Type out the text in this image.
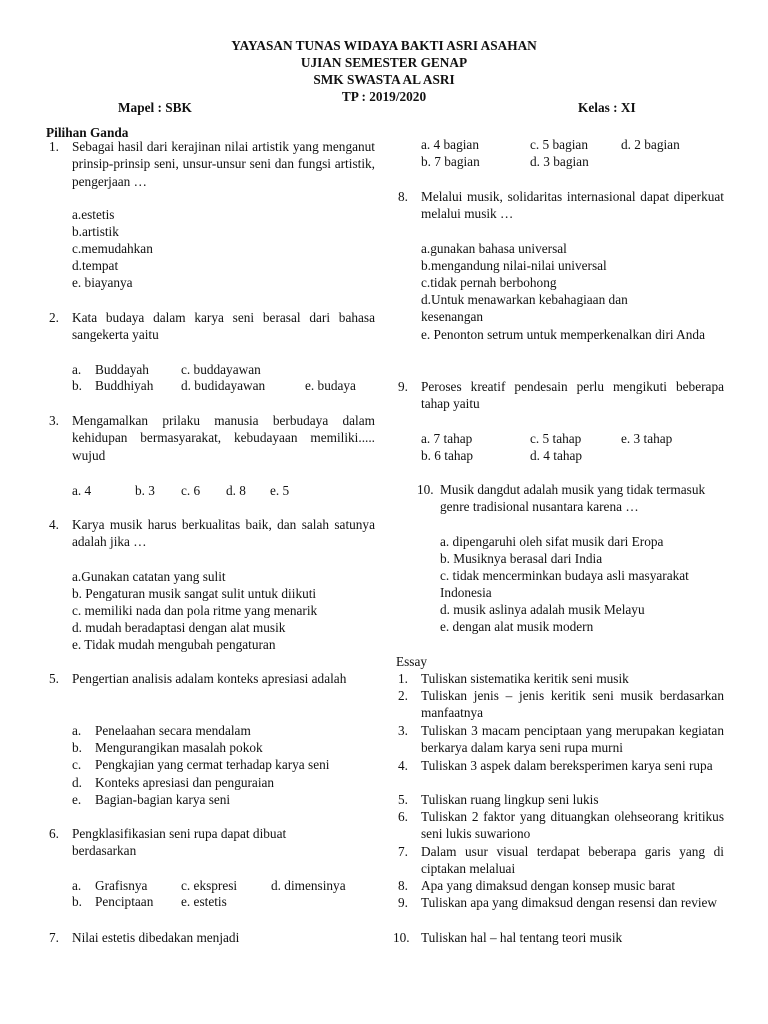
YAYASAN TUNAS WIDAYA BAKTI ASRI ASAHAN
UJIAN SEMESTER GENAP
SMK SWASTA AL ASRI
TP : 2019/2020
Mapel : SBK	Kelas : XI
Pilihan Ganda
1. Sebagai hasil dari kerajinan nilai artistik yang menganut prinsip-prinsip seni, unsur-unsur seni dan fungsi artistik, pengerjaan …
a.estetis
b.artistik
c.memudahkan
d.tempat
e. biayanya
2. Kata budaya dalam karya seni berasal dari bahasa sangekerta yaitu
a. Buddayah c. buddayawan
b. Buddhiyah d. budidayawan	e. budaya
3. Mengamalkan prilaku manusia berbudaya dalam kehidupan bermasyarakat, kebudayaan memiliki..... wujud
a. 4	b. 3 c. 6 d. 8 e. 5
4. Karya musik harus berkualitas baik, dan salah satunya adalah jika …
a.Gunakan catatan yang sulit
b. Pengaturan musik sangat sulit untuk diikuti
c. memiliki nada dan pola ritme yang menarik
d. mudah beradaptasi dengan alat musik
e. Tidak mudah mengubah pengaturan
5. Pengertian analisis adalam konteks apresiasi adalah
a. Penelaahan secara mendalam
b. Mengurangikan masalah pokok
c. Pengkajian yang cermat terhadap karya seni
d. Konteks apresiasi dan penguraian
e. Bagian-bagian karya seni
6. Pengklasifikasian seni rupa dapat dibuat berdasarkan
a. Grafisnya	c. ekspresi	d. dimensinya
b. Penciptaan e. estetis
7. Nilai estetis dibedakan menjadi
a. 4 bagian	c. 5 bagian d. 2 bagian
b. 7 bagian	d. 3 bagian
8. Melalui musik, solidaritas internasional dapat diperkuat melalui musik …
a.gunakan bahasa universal
b.mengandung nilai-nilai universal
c.tidak pernah berbohong
d.Untuk menawarkan kebahagiaan dan kesenangan
e. Penonton setrum untuk memperkenalkan diri Anda
9. Peroses kreatif pendesain perlu mengikuti beberapa tahap yaitu
a. 7 tahap	c. 5 tahap	e. 3 tahap
b. 6 tahap	d. 4 tahap
10. Musik dangdut adalah musik yang tidak termasuk genre tradisional nusantara karena …
a. dipengaruhi oleh sifat musik dari Eropa
b. Musiknya berasal dari India
c. tidak mencerminkan budaya asli masyarakat Indonesia
d. musik aslinya adalah musik Melayu
e. dengan alat musik modern
Essay
1. Tuliskan sistematika keritik seni musik
2. Tuliskan jenis – jenis keritik seni musik berdasarkan manfaatnya
3. Tuliskan 3 macam penciptaan yang merupakan kegiatan berkarya dalam karya seni rupa murni
4. Tuliskan 3 aspek dalam bereksperimen karya seni rupa
5. Tuliskan ruang lingkup seni lukis
6. Tuliskan 2 faktor yang dituangkan olehseorang kritikus seni lukis suwariono
7. Dalam usur visual terdapat beberapa garis yang di ciptakan melaluai
8. Apa yang dimaksud dengan konsep music barat
9. Tuliskan apa yang dimaksud dengan resensi dan review
10. Tuliskan hal – hal tentang teori musik
